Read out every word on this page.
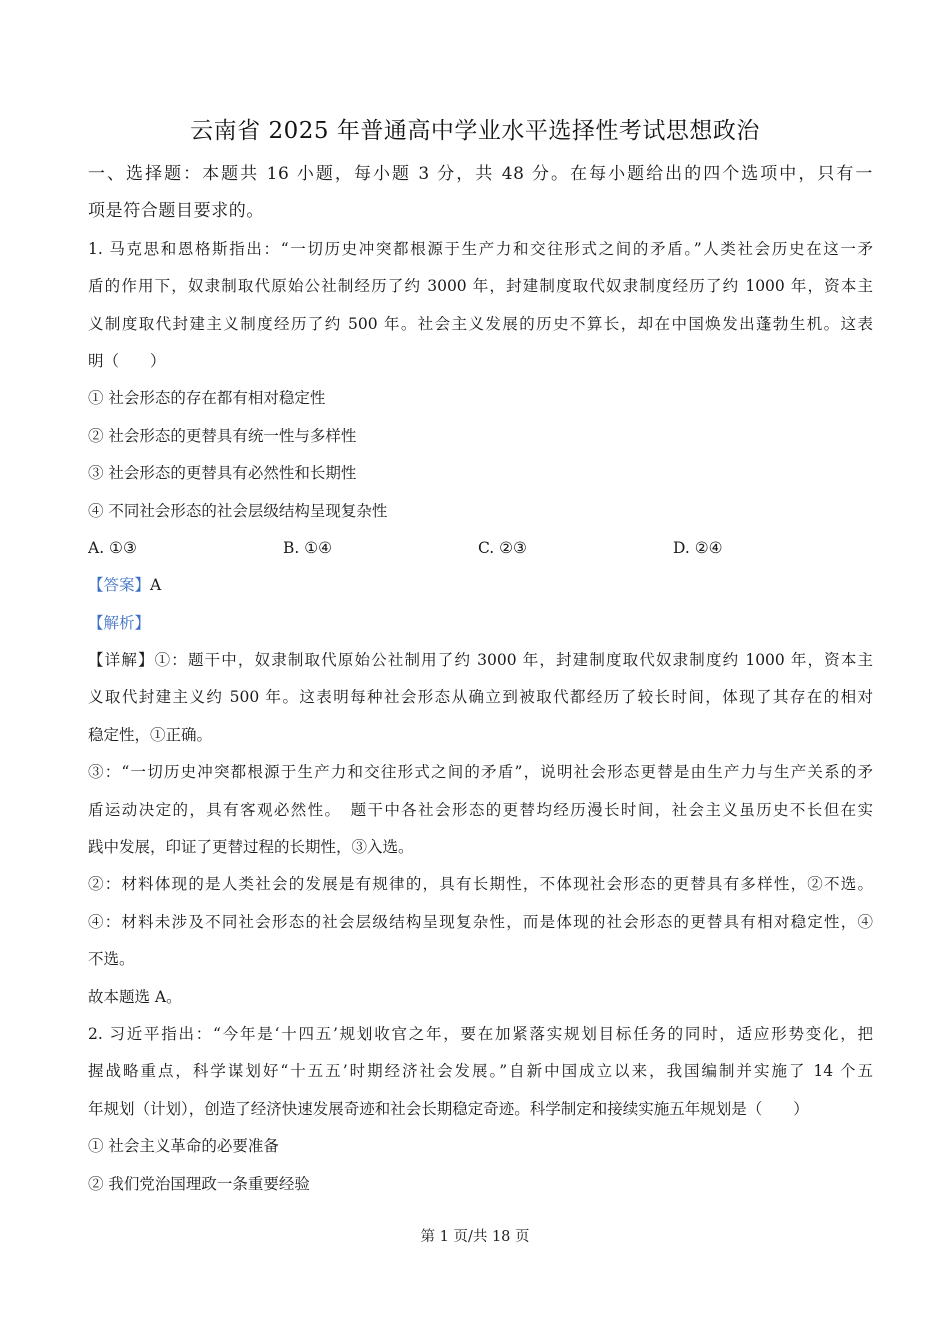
云南省 2025 年普通高中学业水平选择性考试思想政治
一、选择题：本题共 16 小题，每小题 3 分，共 48 分。在每小题给出的四个选项中，只有一
项是符合题目要求的。
1. 马克思和恩格斯指出：“一切历史冲突都根源于生产力和交往形式之间的矛盾。”人类社会历史在这一矛
盾的作用下，奴隶制取代原始公社制经历了约 3000 年，封建制度取代奴隶制度经历了约 1000 年，资本主
义制度取代封建主义制度经历了约 500 年。社会主义发展的历史不算长，却在中国焕发出蓬勃生机。这表
明（　　）
① 社会形态的存在都有相对稳定性
② 社会形态的更替具有统一性与多样性
③ 社会形态的更替具有必然性和长期性
④ 不同社会形态的社会层级结构呈现复杂性
A. ①③	B. ①④	C. ②③	D. ②④
【答案】A
【解析】
【详解】①：题干中，奴隶制取代原始公社制用了约 3000 年，封建制度取代奴隶制度约 1000 年，资本主
义取代封建主义约 500 年。这表明每种社会形态从确立到被取代都经历了较长时间，体现了其存在的相对
稳定性，①正确。
③：“一切历史冲突都根源于生产力和交往形式之间的矛盾”，说明社会形态更替是由生产力与生产关系的矛
盾运动决定的，具有客观必然性。　题干中各社会形态的更替均经历漫长时间，社会主义虽历史不长但在实
践中发展，印证了更替过程的长期性，③入选。
②：材料体现的是人类社会的发展是有规律的，具有长期性，不体现社会形态的更替具有多样性，②不选。
④：材料未涉及不同社会形态的社会层级结构呈现复杂性，而是体现的社会形态的更替具有相对稳定性，④
不选。
故本题选 A。
2. 习近平指出：“今年是‘十四五’规划收官之年，要在加紧落实规划目标任务的同时，适应形势变化，把
握战略重点，科学谋划好“十五五’时期经济社会发展。”自新中国成立以来，我国编制并实施了 14 个五
年规划（计划），创造了经济快速发展奇迹和社会长期稳定奇迹。科学制定和接续实施五年规划是（　　）
① 社会主义革命的必要准备
② 我们党治国理政一条重要经验
第 1 页/共 18 页
